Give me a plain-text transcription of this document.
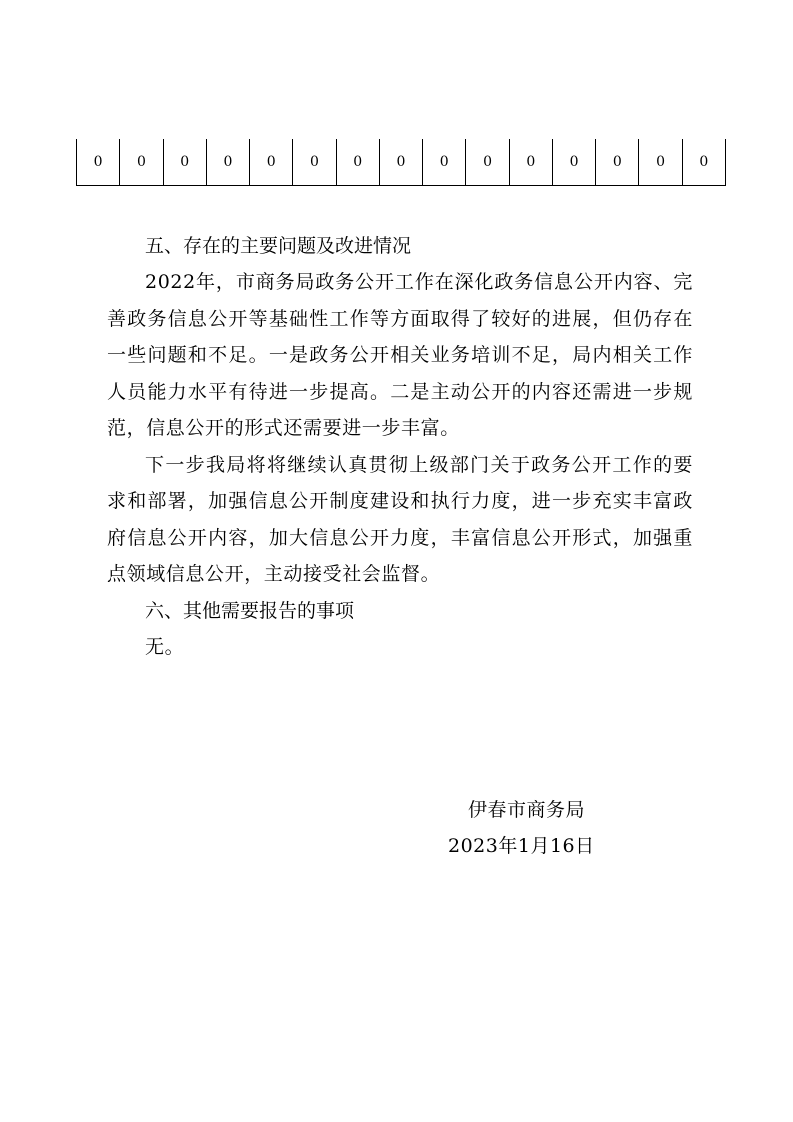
0	0	0	0	0	0	0	0	0	0	0	0	0	0	0

五、存在的主要问题及改进情况

2022年，市商务局政务公开工作在深化政务信息公开内容、完善政务信息公开等基础性工作等方面取得了较好的进展，但仍存在一些问题和不足。一是政务公开相关业务培训不足，局内相关工作人员能力水平有待进一步提高。二是主动公开的内容还需进一步规范，信息公开的形式还需要进一步丰富。

下一步我局将将继续认真贯彻上级部门关于政务公开工作的要求和部署，加强信息公开制度建设和执行力度，进一步充实丰富政府信息公开内容，加大信息公开力度，丰富信息公开形式，加强重点领域信息公开，主动接受社会监督。

六、其他需要报告的事项

无。

伊春市商务局
2023年1月16日
